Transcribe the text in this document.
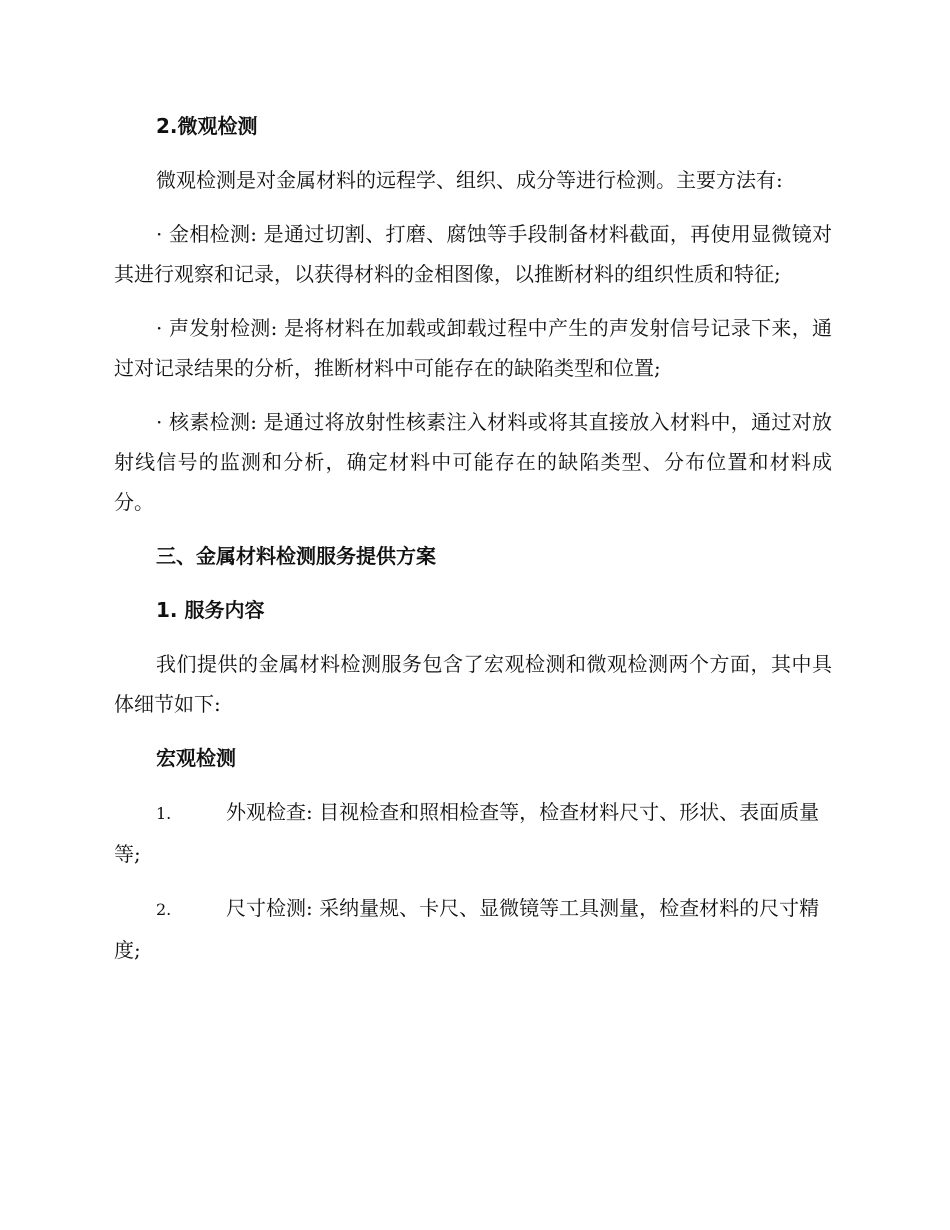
2.微观检测
微观检测是对金属材料的远程学、组织、成分等进行检测。主要方法有:
· 金相检测: 是通过切割、打磨、腐蚀等手段制备材料截面，再使用显微镜对其进行观察和记录，以获得材料的金相图像，以推断材料的组织性质和特征;
· 声发射检测: 是将材料在加载或卸载过程中产生的声发射信号记录下来，通过对记录结果的分析，推断材料中可能存在的缺陷类型和位置;
· 核素检测: 是通过将放射性核素注入材料或将其直接放入材料中，通过对放射线信号的监测和分析，确定材料中可能存在的缺陷类型、分布位置和材料成分。
三、金属材料检测服务提供方案
1. 服务内容
我们提供的金属材料检测服务包含了宏观检测和微观检测两个方面，其中具体细节如下:
宏观检测
1.	外观检查: 目视检查和照相检查等，检查材料尺寸、形状、表面质量等;
2.	尺寸检测: 采纳量规、卡尺、显微镜等工具测量，检查材料的尺寸精度;
